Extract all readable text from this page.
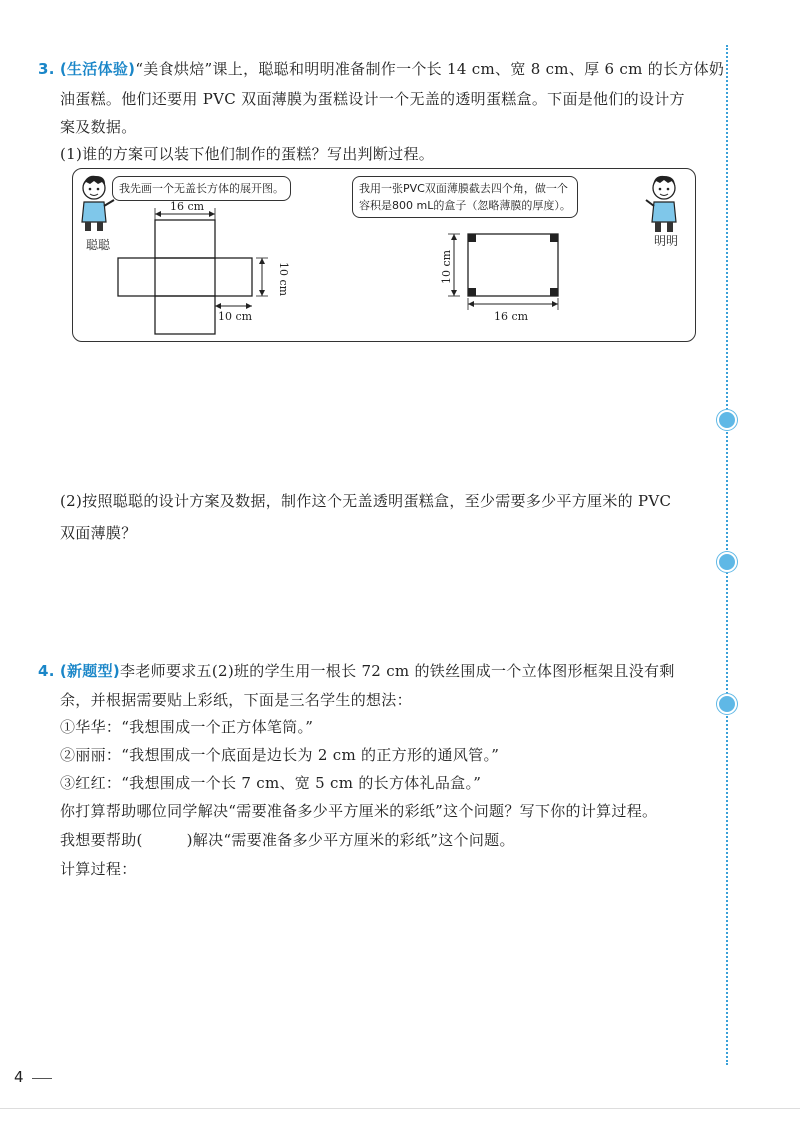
3. (生活体验)“美食烘焙”课上，聪聪和明明准备制作一个长 14 cm、宽 8 cm、厚 6 cm 的长方体奶
油蛋糕。他们还要用 PVC 双面薄膜为蛋糕设计一个无盖的透明蛋糕盒。下面是他们的设计方
案及数据。
(1)谁的方案可以装下他们制作的蛋糕？写出判断过程。
聪聪
我先画一个无盖长方体的展开图。
16 cm
10 cm
10 cm
我用一张PVC双面薄膜截去四个角，做一个
容积是800 mL的盒子（忽略薄膜的厚度）。
明明
10 cm
16 cm
(2)按照聪聪的设计方案及数据，制作这个无盖透明蛋糕盒，至少需要多少平方厘米的 PVC
双面薄膜？
4. (新题型)李老师要求五(2)班的学生用一根长 72 cm 的铁丝围成一个立体图形框架且没有剩
余，并根据需要贴上彩纸，下面是三名学生的想法：
①华华：“我想围成一个正方体笔筒。”
②丽丽：“我想围成一个底面是边长为 2 cm 的正方形的通风管。”
③红红：“我想围成一个长 7 cm、宽 5 cm 的长方体礼品盒。”
你打算帮助哪位同学解决“需要准备多少平方厘米的彩纸”这个问题？写下你的计算过程。
我想要帮助(	)解决“需要准备多少平方厘米的彩纸”这个问题。
计算过程：
4
